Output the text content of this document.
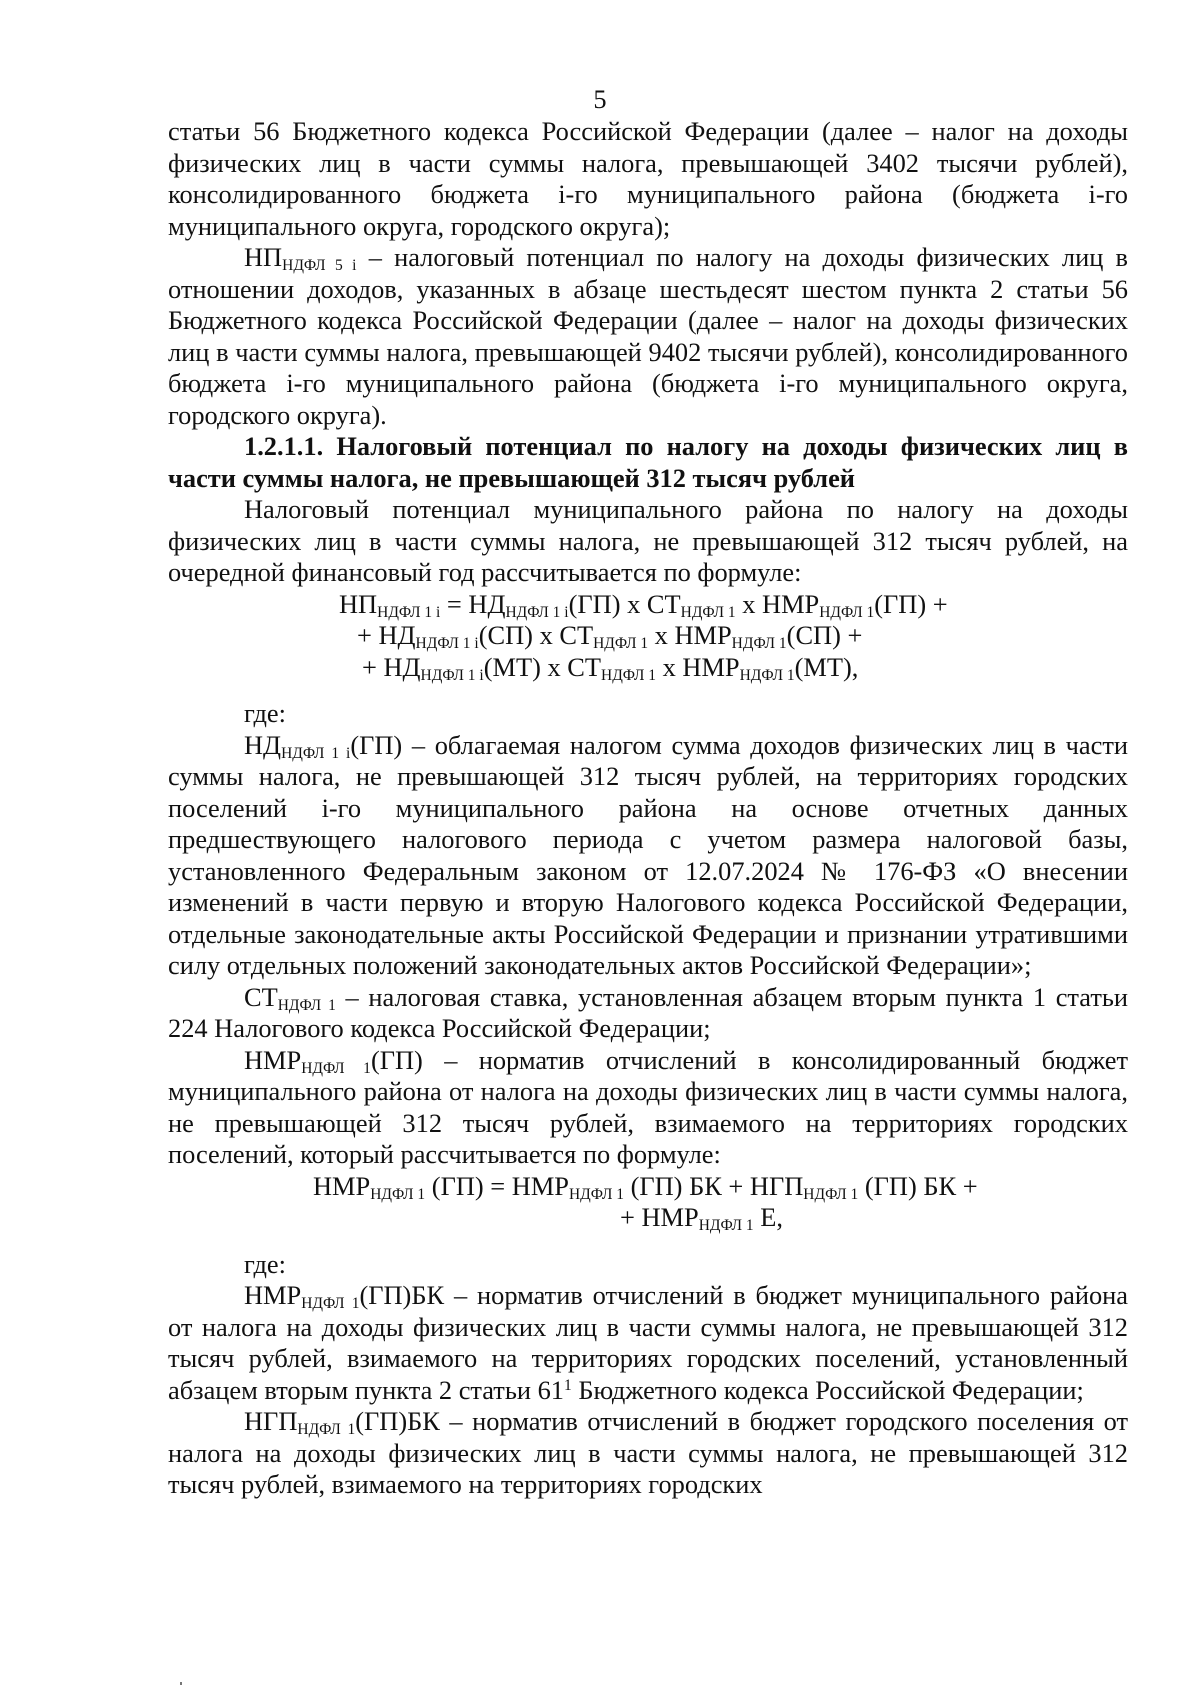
5

статьи 56 Бюджетного кодекса Российской Федерации (далее – налог на доходы физических лиц в части суммы налога, превышающей 3402 тысячи рублей), консолидированного бюджета i-го муниципального района (бюджета i-го муниципального округа, городского округа);

$НП_{НДФЛ 5 i}$ – налоговый потенциал по налогу на доходы физических лиц в отношении доходов, указанных в абзаце шестьдесят шестом пункта 2 статьи 56 Бюджетного кодекса Российской Федерации (далее – налог на доходы физических лиц в части суммы налога, превышающей 9402 тысячи рублей), консолидированного бюджета i-го муниципального района (бюджета i-го муниципального округа, городского округа).

1.2.1.1. Налоговый потенциал по налогу на доходы физических лиц в части суммы налога, не превышающей 312 тысяч рублей

Налоговый потенциал муниципального района по налогу на доходы физических лиц в части суммы налога, не превышающей 312 тысяч рублей, на очередной финансовый год рассчитывается по формуле:

$НП_{НДФЛ 1 i} = НД_{НДФЛ 1 i}(ГП)$ х $СТ_{НДФЛ 1}$ х $НМР_{НДФЛ 1}(ГП)$ +
+ $НД_{НДФЛ 1 i}(СП)$ х $СТ_{НДФЛ 1}$ х $НМР_{НДФЛ 1}(СП)$ +
+ $НД_{НДФЛ 1 i}(МТ)$ х $СТ_{НДФЛ 1}$ х $НМР_{НДФЛ 1}(МТ)$,

где:

$НД_{НДФЛ 1 i}(ГП)$ – облагаемая налогом сумма доходов физических лиц в части суммы налога, не превышающей 312 тысяч рублей, на территориях городских поселений i-го муниципального района на основе отчетных данных предшествующего налогового периода с учетом размера налоговой базы, установленного Федеральным законом от 12.07.2024 № 176-ФЗ «О внесении изменений в части первую и вторую Налогового кодекса Российской Федерации, отдельные законодательные акты Российской Федерации и признании утратившими силу отдельных положений законодательных актов Российской Федерации»;

$СТ_{НДФЛ 1}$ – налоговая ставка, установленная абзацем вторым пункта 1 статьи 224 Налогового кодекса Российской Федерации;

$НМР_{НДФЛ 1}(ГП)$ – норматив отчислений в консолидированный бюджет муниципального района от налога на доходы физических лиц в части суммы налога, не превышающей 312 тысяч рублей, взимаемого на территориях городских поселений, который рассчитывается по формуле:

$НМР_{НДФЛ 1}$ $(ГП) = НМР_{НДФЛ 1}$ (ГП) БК + $НГП_{НДФЛ 1}$ (ГП) БК +
+ $НМР_{НДФЛ 1}$ Е,

где:

$НМР_{НДФЛ 1}(ГП)БК$ – норматив отчислений в бюджет муниципального района от налога на доходы физических лиц в части суммы налога, не превышающей 312 тысяч рублей, взимаемого на территориях городских поселений, установленный абзацем вторым пункта 2 статьи $61^1$ Бюджетного кодекса Российской Федерации;

$НГП_{НДФЛ 1}(ГП)БК$ – норматив отчислений в бюджет городского поселения от налога на доходы физических лиц в части суммы налога, не превышающей 312 тысяч рублей, взимаемого на территориях городских
